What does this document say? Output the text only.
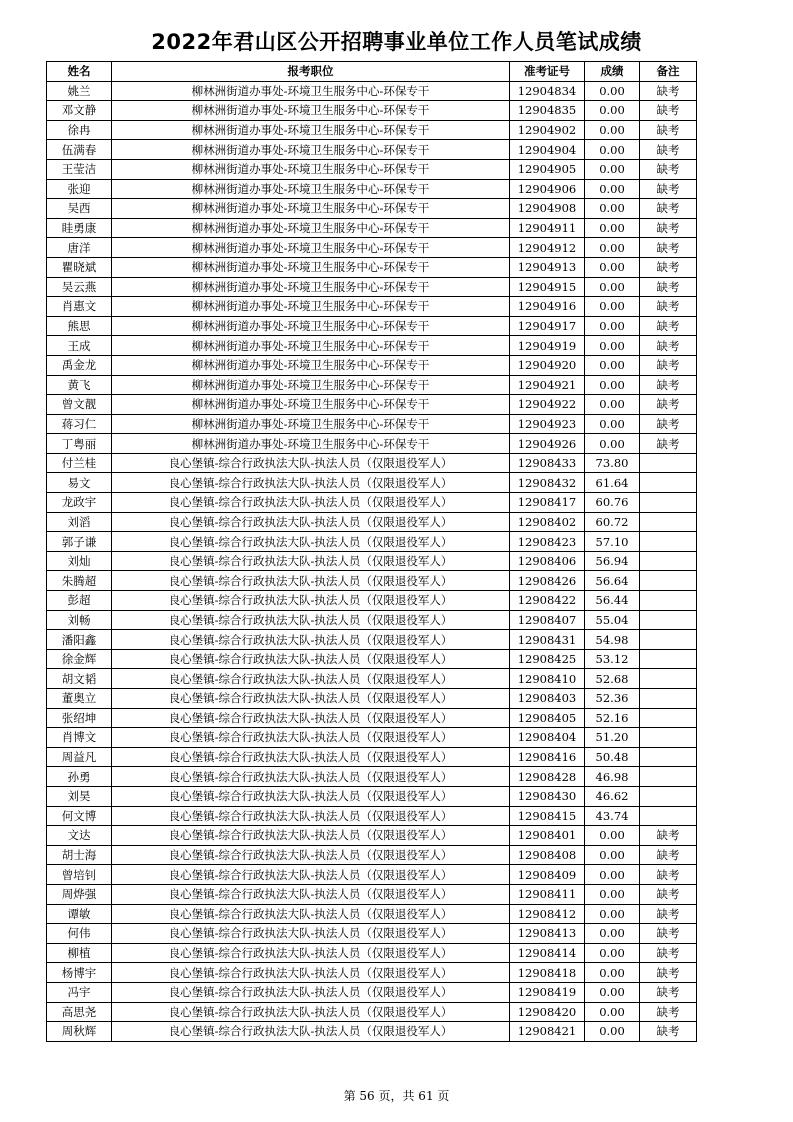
2022年君山区公开招聘事业单位工作人员笔试成绩
姓名	报考职位	准考证号	成绩	备注
姚兰	柳林洲街道办事处-环境卫生服务中心-环保专干	12904834	0.00	缺考
邓文静	柳林洲街道办事处-环境卫生服务中心-环保专干	12904835	0.00	缺考
徐冉	柳林洲街道办事处-环境卫生服务中心-环保专干	12904902	0.00	缺考
伍满春	柳林洲街道办事处-环境卫生服务中心-环保专干	12904904	0.00	缺考
王莹洁	柳林洲街道办事处-环境卫生服务中心-环保专干	12904905	0.00	缺考
张迎	柳林洲街道办事处-环境卫生服务中心-环保专干	12904906	0.00	缺考
吴西	柳林洲街道办事处-环境卫生服务中心-环保专干	12904908	0.00	缺考
眭勇康	柳林洲街道办事处-环境卫生服务中心-环保专干	12904911	0.00	缺考
唐洋	柳林洲街道办事处-环境卫生服务中心-环保专干	12904912	0.00	缺考
瞿晓斌	柳林洲街道办事处-环境卫生服务中心-环保专干	12904913	0.00	缺考
吴云燕	柳林洲街道办事处-环境卫生服务中心-环保专干	12904915	0.00	缺考
肖惠文	柳林洲街道办事处-环境卫生服务中心-环保专干	12904916	0.00	缺考
熊思	柳林洲街道办事处-环境卫生服务中心-环保专干	12904917	0.00	缺考
王成	柳林洲街道办事处-环境卫生服务中心-环保专干	12904919	0.00	缺考
禹金龙	柳林洲街道办事处-环境卫生服务中心-环保专干	12904920	0.00	缺考
黄飞	柳林洲街道办事处-环境卫生服务中心-环保专干	12904921	0.00	缺考
曾文靓	柳林洲街道办事处-环境卫生服务中心-环保专干	12904922	0.00	缺考
蒋习仁	柳林洲街道办事处-环境卫生服务中心-环保专干	12904923	0.00	缺考
丁粤丽	柳林洲街道办事处-环境卫生服务中心-环保专干	12904926	0.00	缺考
付兰桂	良心堡镇-综合行政执法大队-执法人员（仅限退役军人）	12908433	73.80	
易文	良心堡镇-综合行政执法大队-执法人员（仅限退役军人）	12908432	61.64	
龙政宇	良心堡镇-综合行政执法大队-执法人员（仅限退役军人）	12908417	60.76	
刘滔	良心堡镇-综合行政执法大队-执法人员（仅限退役军人）	12908402	60.72	
郭子谦	良心堡镇-综合行政执法大队-执法人员（仅限退役军人）	12908423	57.10	
刘灿	良心堡镇-综合行政执法大队-执法人员（仅限退役军人）	12908406	56.94	
朱腾超	良心堡镇-综合行政执法大队-执法人员（仅限退役军人）	12908426	56.64	
彭超	良心堡镇-综合行政执法大队-执法人员（仅限退役军人）	12908422	56.44	
刘畅	良心堡镇-综合行政执法大队-执法人员（仅限退役军人）	12908407	55.04	
潘阳鑫	良心堡镇-综合行政执法大队-执法人员（仅限退役军人）	12908431	54.98	
徐金辉	良心堡镇-综合行政执法大队-执法人员（仅限退役军人）	12908425	53.12	
胡文韬	良心堡镇-综合行政执法大队-执法人员（仅限退役军人）	12908410	52.68	
董奥立	良心堡镇-综合行政执法大队-执法人员（仅限退役军人）	12908403	52.36	
张绍坤	良心堡镇-综合行政执法大队-执法人员（仅限退役军人）	12908405	52.16	
肖博文	良心堡镇-综合行政执法大队-执法人员（仅限退役军人）	12908404	51.20	
周益凡	良心堡镇-综合行政执法大队-执法人员（仅限退役军人）	12908416	50.48	
孙勇	良心堡镇-综合行政执法大队-执法人员（仅限退役军人）	12908428	46.98	
刘昊	良心堡镇-综合行政执法大队-执法人员（仅限退役军人）	12908430	46.62	
何文博	良心堡镇-综合行政执法大队-执法人员（仅限退役军人）	12908415	43.74	
文达	良心堡镇-综合行政执法大队-执法人员（仅限退役军人）	12908401	0.00	缺考
胡士海	良心堡镇-综合行政执法大队-执法人员（仅限退役军人）	12908408	0.00	缺考
曾培钊	良心堡镇-综合行政执法大队-执法人员（仅限退役军人）	12908409	0.00	缺考
周烨强	良心堡镇-综合行政执法大队-执法人员（仅限退役军人）	12908411	0.00	缺考
谭敏	良心堡镇-综合行政执法大队-执法人员（仅限退役军人）	12908412	0.00	缺考
何伟	良心堡镇-综合行政执法大队-执法人员（仅限退役军人）	12908413	0.00	缺考
柳植	良心堡镇-综合行政执法大队-执法人员（仅限退役军人）	12908414	0.00	缺考
杨博宇	良心堡镇-综合行政执法大队-执法人员（仅限退役军人）	12908418	0.00	缺考
冯宇	良心堡镇-综合行政执法大队-执法人员（仅限退役军人）	12908419	0.00	缺考
高思尧	良心堡镇-综合行政执法大队-执法人员（仅限退役军人）	12908420	0.00	缺考
周秋辉	良心堡镇-综合行政执法大队-执法人员（仅限退役军人）	12908421	0.00	缺考
第 56 页，共 61 页
